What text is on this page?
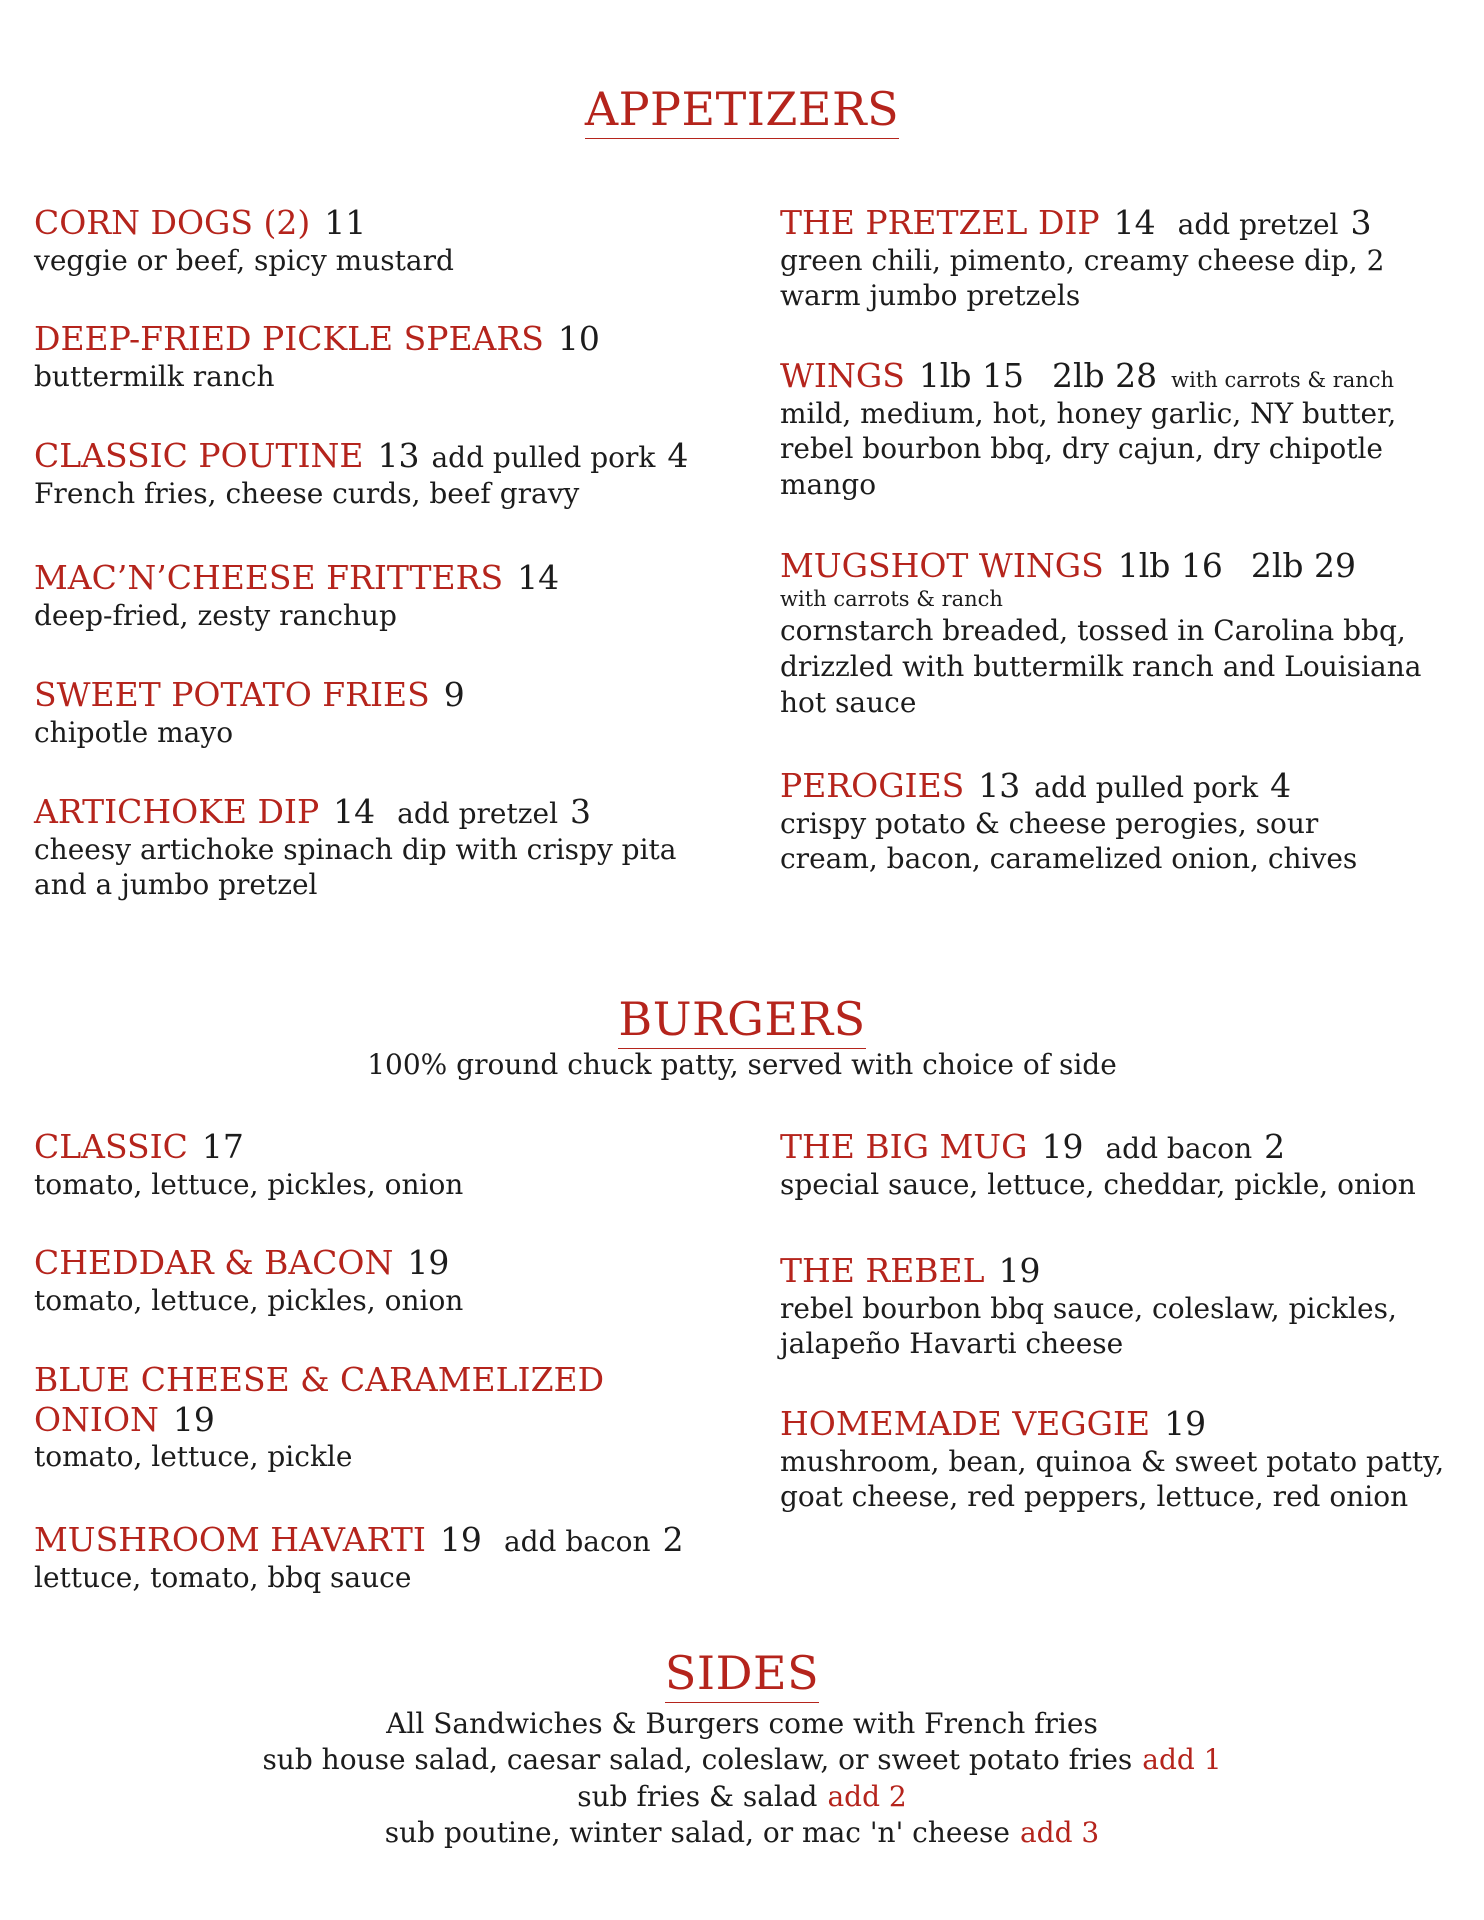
APPETIZERS
CORN DOGS (2) 11
veggie or beef, spicy mustard
DEEP-FRIED PICKLE SPEARS 10
buttermilk ranch
CLASSIC POUTINE 13 add pulled pork 4
French fries, cheese curds, beef gravy
MAC’N’CHEESE FRITTERS 14
deep-fried, zesty ranchup
SWEET POTATO FRIES 9
chipotle mayo
ARTICHOKE DIP 14 add pretzel 3
cheesy artichoke spinach dip with crispy pita and a jumbo pretzel
THE PRETZEL DIP 14 add pretzel 3
green chili, pimento, creamy cheese dip, 2 warm jumbo pretzels
WINGS 1lb 15 2lb 28 with carrots & ranch
mild, medium, hot, honey garlic, NY butter, rebel bourbon bbq, dry cajun, dry chipotle mango
MUGSHOT WINGS 1lb 16 2lb 29
with carrots & ranch
cornstarch breaded, tossed in Carolina bbq, drizzled with buttermilk ranch and Louisiana hot sauce
PEROGIES 13 add pulled pork 4
crispy potato & cheese perogies, sour cream, bacon, caramelized onion, chives
BURGERS
100% ground chuck patty, served with choice of side
CLASSIC 17
tomato, lettuce, pickles, onion
CHEDDAR & BACON 19
tomato, lettuce, pickles, onion
BLUE CHEESE & CARAMELIZED
ONION 19
tomato, lettuce, pickle
MUSHROOM HAVARTI 19 add bacon 2
lettuce, tomato, bbq sauce
THE BIG MUG 19 add bacon 2
special sauce, lettuce, cheddar, pickle, onion
THE REBEL 19
rebel bourbon bbq sauce, coleslaw, pickles, jalapeño Havarti cheese
HOMEMADE VEGGIE 19
mushroom, bean, quinoa & sweet potato patty, goat cheese, red peppers, lettuce, red onion
SIDES
All Sandwiches & Burgers come with French fries
sub house salad, caesar salad, coleslaw, or sweet potato fries add 1
sub fries & salad add 2
sub poutine, winter salad, or mac 'n' cheese add 3
